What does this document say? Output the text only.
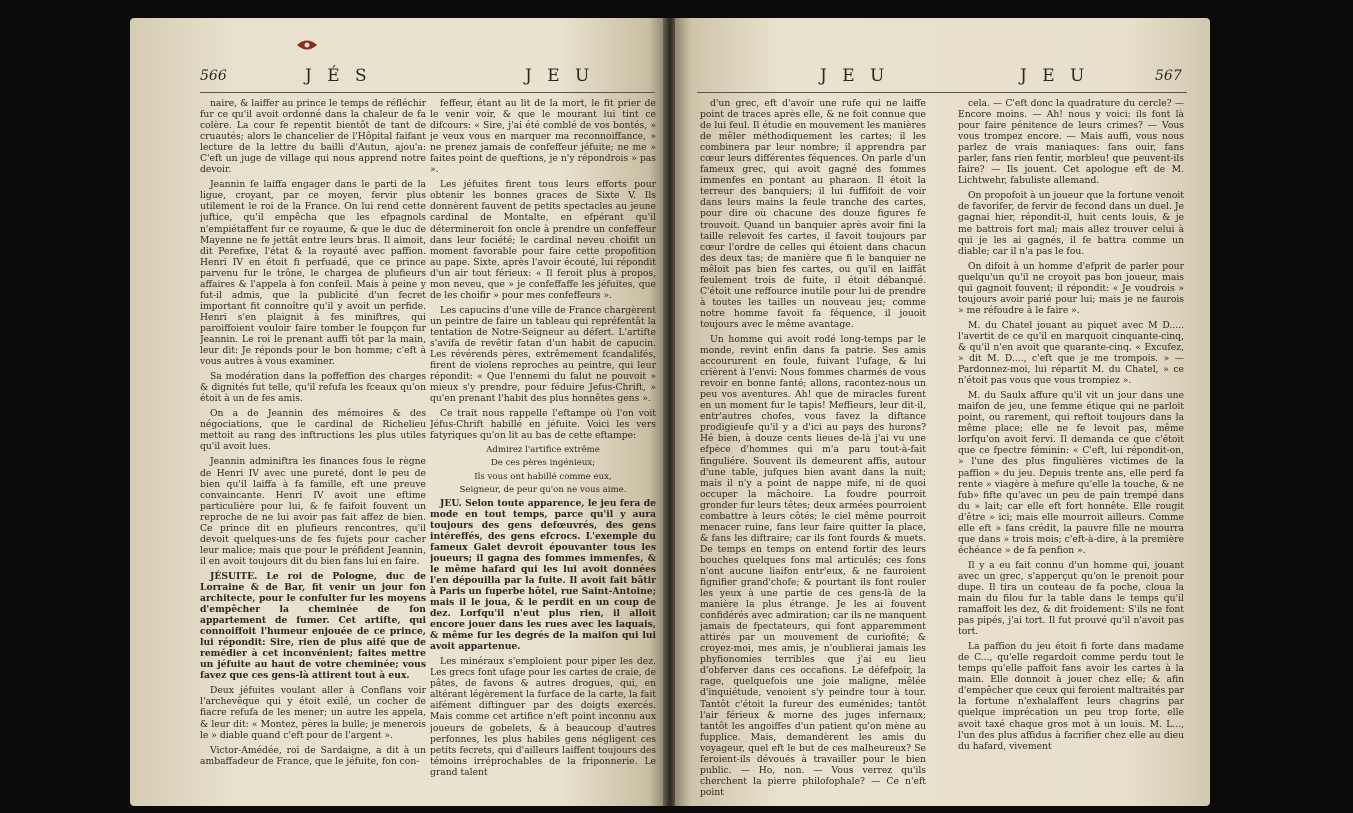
566	J É S	J E U

naire, & laiffer au prince le temps de réfléchir fur ce qu'il avoit ordonné dans la chaleur de fa colère. La cour fe repentit bientôt de tant de cruautés; alors le chancelier de l'Hôpital faifant lecture de la lettre du bailli d'Autun, ajou'a: C'eft un juge de village qui nous apprend notre devoir.

Jeannin fe laiffa engager dans le parti de la ligue, croyant, par ce moyen, fervir plus utilement le roi de la France. On lui rend cette juftice, qu'il empêcha que les efpagnols n'empiétaffent fur ce royaume, & que le duc de Mayenne ne fe jettât entre leurs bras. Il aimoit, dit Perefixe, l'état & la royauté avec paffion. Henri IV en étoit fi perfuadé, que ce prince parvenu fur le trône, le chargea de plufieurs affaires & l'appela à fon confeil. Mais à peine y fut-il admis, que la publicité d'un fecret important fit connoître qu'il y avoit un perfide. Henri s'en plaignit à fes miniftres, qui paroiffoient vouloir faire tomber le foupçon fur Jeannin. Le roi le prenant auffi tôt par la main, leur dit: Je réponds pour le bon homme; c'eft à vous autres à vous examiner.

Sa modération dans la poffeffion des charges & dignités fut telle, qu'il refufa les fceaux qu'on étoit à un de fes amis.

On a de Jeannin des mémoires & des négociations, que le cardinal de Richelieu mettoit au rang des inftructions les plus utiles qu'il avoit lues.

Jeannin adminiftra les finances fous le règne de Henri IV avec une pureté, dont le peu de bien qu'il laiffa à fa famille, eft une preuve convaincante. Henri IV avoit une eftime particulière pour lui, & fe faifoit fouvent un reproche de ne lui avoir pas fait affez de bien. Ce prince dit en plufieurs rencontres, qu'il devoit quelques-uns de fes fujets pour cacher leur malice; mais que pour le préfident Jeannin, il en avoit toujours dit du bien fans lui en faire.

JÉSUITE. Le roi de Pologne, duc de Lorraine & de Bar, fit venir un jour fon architecte, pour le confulter fur les moyens d'empêcher la cheminée de fon appartement de fumer. Cet artifte, qui connoiffoit l'humeur enjouée de ce prince, lui répondit: Sire, rien de plus aifé que de remédier à cet inconvénient; faites mettre un jéfuite au haut de votre cheminée; vous favez que ces gens-là attirent tout à eux.

Deux jéfuites voulant aller à Conflans voir l'archevêque qui y étoit exilé, un cocher de fiacre refufa de les mener; un autre les appela, & leur dit: « Montez, pères la bulle; je menerois le » diable quand c'eft pour de l'argent ».

Victor-Amédée, roi de Sardaigne, a dit à un ambaffadeur de France, que le jéfuite, fon con-

feffeur, étant au lit de la mort, le fit prier de le venir voir, & que le mourant lui tint ce difcours: « Sire, j'ai été comblé de vos bontés, » je veux vous en marquer ma reconnoiffance, » ne prenez jamais de confeffeur jéfuite; ne me » faites point de queftions, je n'y répondrois » pas ».

Les jéfuites firent tous leurs efforts pour obtenir les bonnes graces de Sixte V. Ils donnèrent fauvent de petits spectacles au jeune cardinal de Montalte, en efpérant qu'il détermineroit fon oncle à prendre un confeffeur dans leur fociété; le cardinal neveu choifit un moment favorable pour faire cette propofition au pape. Sixte, après l'avoir écouté, lui répondit d'un air tout férieux: « Il feroit plus à propos, mon neveu, que » je confeffaffe les jéfuites, que de les choifir » pour mes confeffeurs ».

Les capucins d'une ville de France chargèrent un peintre de faire un tableau qui repréfentât la tentation de Notre-Seigneur au défert. L'artifte s'avifa de revêtir fatan d'un habit de capucin. Les révérends pères, extrêmement fcandalifés, firent de violens reproches au peintre, qui leur répondit: « Que l'ennemi du falut ne pouvoit » mieux s'y prendre, pour féduire Jefus-Chrift, » qu'en prenant l'habit des plus honnêtes gens ».

Ce trait nous rappelle l'eftampe où l'on voit Jéfus-Chrift habillé en jéfuite. Voici les vers fatyriques qu'on lit au bas de cette eftampe:

Admirez l'artifice extrême

De ces pères ingénieux;

Ils vous ont habillé comme eux,

Seigneur, de peur qu'on ne vous aime.

JEU. Selon toute apparence, le jeu fera de mode en tout temps, parce qu'il y aura toujours des gens defœuvrés, des gens intéreffés, des gens efcrocs. L'exemple du fameux Galet devroit épouvanter tous les joueurs; il gagna des fommes immenfes, & le même hafard qui les lui avoit données l'en dépouilla par la fuite. Il avoit fait bâtir à Paris un fuperbe hôtel, rue Saint-Antoine; mais il le joua, & le perdit en un coup de dez. Lorfqu'il n'eut plus rien, il alloit encore jouer dans les rues avec les laquais, & même fur les degrés de la maifon qui lui avoit appartenue.

Les minéraux s'emploient pour piper les dez. Les grecs font ufage pour les cartes de craie, de pâtes, de favons & autres drogues, qui, en altérant légèrement la furface de la carte, la fait aifément diftinguer par des doigts exercés. Mais comme cet artifice n'eft point inconnu aux joueurs de gobelets, & à beaucoup d'autres perfonnes, les plus habiles gens négligent ces petits fecrets, qui d'ailleurs laiffent toujours des témoins irréprochables de la friponnerie. Le grand talent

J E U	J E U	567

d'un grec, eft d'avoir une rufe qui ne laiffe point de traces après elle, & ne foit connue que de lui feul. Il étudie en mouvement les manières de mêler méthodiquement les cartes; il les combinera par leur nombre; il apprendra par cœur leurs différentes féquences. On parle d'un fameux grec, qui avoit gagné des fommes immenfes en pontant au pharaon. Il étoit la terreur des banquiers; il lui fuffifoit de voir dans leurs mains la feule tranche des cartes, pour dire où chacune des douze figures fe trouvoit. Quand un banquier après avoir fini la taille relevoit fes cartes, il favoit toujours par cœur l'ordre de celles qui étoient dans chacun des deux tas; de manière que fi le banquier ne mêloit pas bien fes cartes, ou qu'il en laiffât feulement trois de fuite, il étoit débanqué. C'étoit une reffource inutile pour lui de prendre à toutes les tailles un nouveau jeu; comme notre homme favoit fa féquence, il jouoit toujours avec le même avantage.

Un homme qui avoit rodé long-temps par le monde, revint enfin dans fa patrie. Ses amis accoururent en foule, fuivant l'ufage, & lui crièrent à l'envi: Nous fommes charmés de vous revoir en bonne fanté; allons, racontez-nous un peu vos aventures. Ah! que de miracles furent en un moment fur le tapis! Meffieurs, leur dit-il, entr'autres chofes, vous favez la diftance prodigieufe qu'il y a d'ici au pays des hurons? Hé bien, à douze cents lieues de-là j'ai vu une efpèce d'hommes qui m'a paru tout-à-fait finguliére. Souvent ils demeurent affis, autour d'une table, jufques bien avant dans la nuit; mais il n'y a point de nappe mife, ni de quoi occuper la mâchoire. La foudre pourroit gronder fur leurs têtes; deux armées pourroient combattre à leurs côtés; le ciel même pourroit menacer ruine, fans leur faire quitter la place, & fans les diftraire; car ils font fourds & muets. De temps en temps on entend fortir des leurs bouches quelques fons mal articulés; ces fons n'ont aucune liaifon entr'eux, & ne fauroient fignifier grand'chofe; & pourtant ils font rouler les yeux à une partie de ces gens-là de la manière la plus étrange. Je les ai fouvent confidérés avec admiration; car ils ne manquent jamais de fpectateurs, qui font apparemment attirés par un mouvement de curiofité; & croyez-moi, mes amis, je n'oublierai jamais les phyfionomies terribles que j'ai eu lieu d'obferver dans ces occafions. Le défefpoir, la rage, quelquefois une joie maligne, mêlée d'inquiétude, venoient s'y peindre tour à tour. Tantôt c'étoit la fureur des euménides; tantôt l'air férieux & morne des juges infernaux; tantôt les angoiffes d'un patient qu'on mène au fupplice. Mais, demandèrent les amis du voyageur, quel eft le but de ces malheureux? Se feroient-ils dévoués à travailler pour le bien public. — Ho, non. — Vous verrez qu'ils cherchent la pierre philofophale? — Ce n'eft point

cela. — C'eft donc la quadrature du cercle? — Encore moins. — Ah! nous y voici: ils font là pour faire pénitence de leurs crimes? — Vous vous trompez encore. — Mais auffi, vous nous parlez de vrais maniaques: fans ouir, fans parler, fans rien fentir, morbleu! que peuvent-ils faire? — Ils jouent. Cet apologue eft de M. Lichtwehr, fabuliste allemand.

On propofoit à un joueur que la fortune venoit de favorifer, de fervir de fecond dans un duel. Je gagnai hier, répondit-il, huit cents louis, & je me battrois fort mal; mais allez trouver celui à qui je les ai gagnés, il fe battra comme un diable; car il n'a pas le fou.

On difoit à un homme d'efprit de parler pour quelqu'un qu'il ne croyoit pas bon joueur, mais qui gagnoit fouvent; il répondit: « Je voudrois » toujours avoir parié pour lui; mais je ne faurois » me réfoudre à le faire ».

M. du Chatel jouant au piquet avec M D..... l'avertit de ce qu'il en marquoit cinquante-cinq, & qu'il n'en avoit que quarante-cinq. « Excufez, » dit M. D...., c'eft que je me trompois. » — Pardonnez-moi, lui répartit M. du Chatel, » ce n'étoit pas vous que vous trompiez ».

M. du Saulx affure qu'il vit un jour dans une maifon de jeu, une femme étique qui ne parloit point, ou rarement, qui reftoit toujours dans la même place; elle ne fe levoit pas, même lorfqu'on avoit fervi. Il demanda ce que c'étoit que ce fpectre féminin: « C'eft, lui répondit-on, » l'une des plus fingulières victimes de la paffion » du jeu. Depuis trente ans, elle perd fa rente » viagère à mefure qu'elle la touche, & ne fub» fifte qu'avec un peu de pain trempé dans du » lait; car elle eft fort honnête. Elle rougit d'être » ici; mais elle mourroit ailleurs. Comme elle eft » fans crédit, la pauvre fille ne mourra que dans » trois mois; c'eft-à-dire, à la première échéance » de fa penfion ».

Il y a eu fait connu d'un homme qui, jouant avec un grec, s'apperçut qu'on le prenoit pour dupe. Il tira un couteau de fa poche, cloua la main du filou fur la table dans le temps qu'il ramaffoit les dez, & dit froidement: S'ils ne font pas pipés, j'ai tort. Il fut prouvé qu'il n'avoit pas tort.

La paffion du jeu étoit fi forte dans madame de C..., qu'elle regardoit comme perdu tout le temps qu'elle paffoit fans avoir les cartes à la main. Elle donnoit à jouer chez elle; & afin d'empêcher que ceux qui feroient maltraités par la fortune n'exhalaffent leurs chagrins par quelque imprécation un peu trop forte, elle avoit taxé chaque gros mot à un louis. M. L..., l'un des plus affidus à facrifier chez elle au dieu du hafard, vivement
